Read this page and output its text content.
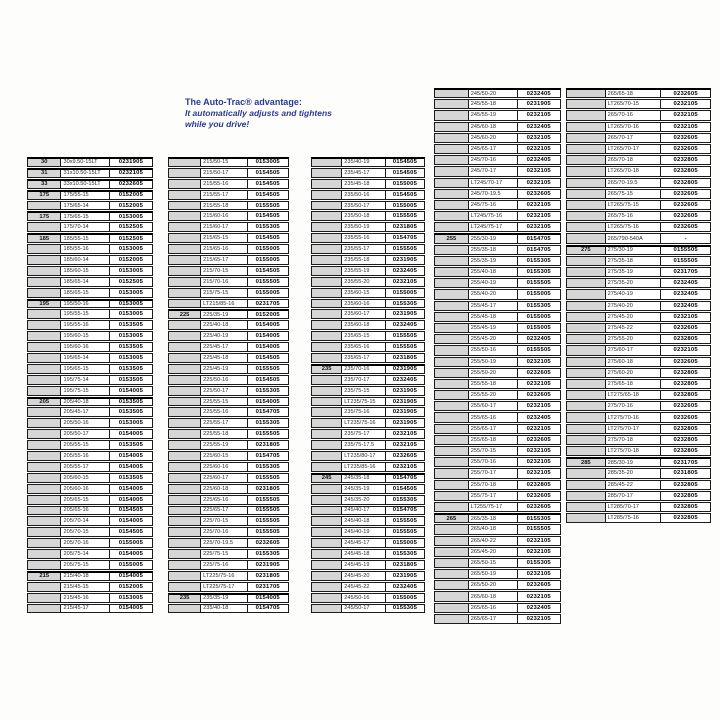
The Auto-Trac® advantage:
It automatically adjusts and tightens
while you drive!
30	30x9.50-15LT	0231905
31	31x10.50-15LT	0232105
33	33x10.50-15LT	0232605
175	175/55-15	0152005
175/65-14	0152005
175	175/65-15	0153005
175/70-14	0152505
185	185/55-15	0152505
185/55-16	0153005
185/60-14	0152005
185/60-15	0153005
185/65-14	0152505
185/65-15	0153005
195	195/50-16	0153005
195/55-15	0153005
195/55-16	0153505
195/60-15	0153005
195/60-16	0153505
195/65-14	0153005
195/65-15	0153505
195/75-14	0153505
195/75-15	0154005
205	205/40-18	0153505
205/45-17	0153505
205/50-16	0153005
205/50-17	0154005
205/55-15	0153505
205/55-16	0154005
205/55-17	0154005
205/60-15	0153505
205/60-16	0154005
205/65-15	0154005
205/65-16	0154505
205/70-14	0154005
205/70-15	0154505
205/70-16	0155005
205/75-14	0154005
205/75-15	0155005
215	215/40-18	0154005
215/45-15	0152005
215/45-16	0153005
215/45-17	0154005
215/50-15	0153005
215/50-17	0154505
215/55-16	0154505
215/55-17	0154505
215/55-18	0155505
215/60-16	0154505
215/60-17	0155305
215/65-15	0154505
215/65-16	0155005
215/65-17	0155005
215/70-15	0154505
215/70-16	0155505
215/75-15	0155005
LT215/85-16	0231705
225	225/35-19	0152005
225/40-18	0154005
225/40-19	0154005
225/45-17	0154005
225/45-18	0154505
225/45-19	0155505
225/50-16	0154505
225/50-17	0155305
225/55-15	0154005
225/55-16	0154705
225/55-17	0155305
225/55-18	0155505
225/55-19	0231805
225/60-15	0154705
225/60-16	0155305
225/60-17	0155505
225/60-18	0231805
225/65-16	0155505
225/65-17	0155505
225/70-15	0155505
225/70-16	0155505
225/70-19.5	0232605
225/75-15	0155305
225/75-16	0231905
LT225/75-16	0231805
LT225/75-17	0231705
235	235/35-19	0154005
235/40-18	0154705
235/40-19	0154505
235/45-17	0154505
235/45-18	0155005
235/50-16	0154505
235/50-17	0155005
235/50-18	0155505
235/50-19	0231805
235/55-16	0154705
235/55-17	0155505
235/55-18	0231905
235/55-19	0232405
235/55-20	0232105
235/60-15	0155005
235/60-16	0155305
235/60-17	0231905
235/60-18	0232405
235/65-15	0155505
235/65-16	0155505
235/65-17	0231805
235	235/70-16	0231905
235/70-17	0232405
235/75-15	0231905
LT235/75-15	0231905
235/75-16	0231905
LT235/75-16	0231905
235/75-17	0232105
235/75-17.5	0232105
LT235/80-17	0232605
LT235/85-16	0232105
245	245/35-18	0154705
245/35-19	0154505
245/35-20	0155305
245/40-17	0154705
245/40-18	0155505
245/40-19	0155505
245/45-17	0155005
245/45-18	0155305
245/45-19	0231805
245/45-20	0231905
245/45-22	0232405
245/50-16	0155005
245/50-17	0155305
245/50-20	0232405
245/55-18	0231905
245/55-19	0232105
245/60-18	0232405
245/60-20	0232105
245/65-17	0232105
245/70-16	0232405
245/70-17	0232105
LT245/70-17	0232105
245/70-19.5	0232605
245/75-16	0232105
LT245/75-16	0232105
LT245/75-17	0232105
255	255/30-19	0154705
255/35-18	0154705
255/35-19	0155305
255/40-18	0155305
255/40-19	0155505
255/40-20	0155005
255/45-17	0155305
255/45-18	0155005
255/45-19	0155005
255/45-20	0232405
255/50-16	0155505
255/50-19	0232105
255/50-20	0232605
255/55-18	0232105
255/55-20	0232605
255/60-17	0232105
255/65-16	0232405
255/65-17	0232105
255/65-18	0232605
255/70-15	0232105
255/70-16	0232105
255/70-17	0232105
255/70-18	0232805
255/75-17	0232605
LT255/75-17	0232605
265	265/35-18	0155305
265/40-18	0155505
265/40-22	0232105
265/45-20	0232105
265/50-15	0155305
265/50-19	0232105
265/50-20	0232605
265/60-18	0232105
265/65-16	0232405
265/65-17	0232105
265/65-18	0232605
LT265/70-15	0232105
265/70-16	0232105
LT265/70-16	0232105
265/70-17	0232605
LT265/70-17	0232605
265/70-18	0232805
LT265/70-18	0232805
265/70-19.5	0232805
265/75-15	0232605
LT265/75-15	0232605
265/75-16	0232605
LT265/75-16	0232605
265/790-540A	-
275	275/30-19	0155505
275/35-18	0155505
275/35-19	0231705
275/35-20	0232405
275/40-19	0232405
275/40-20	0232405
275/45-20	0232105
275/45-22	0232605
275/55-20	0232805
275/60-17	0232105
275/60-18	0232605
275/60-20	0232805
275/65-18	0232805
LT275/65-18	0232805
275/70-16	0232605
LT275/70-16	0232605
LT275/70-17	0232805
275/70-18	0232805
LT275/70-18	0232805
285	285/30-19	0231705
285/35-20	0231805
285/45-22	0232805
285/70-17	0232805
LT285/70-17	0232805
LT285/75-16	0232805
